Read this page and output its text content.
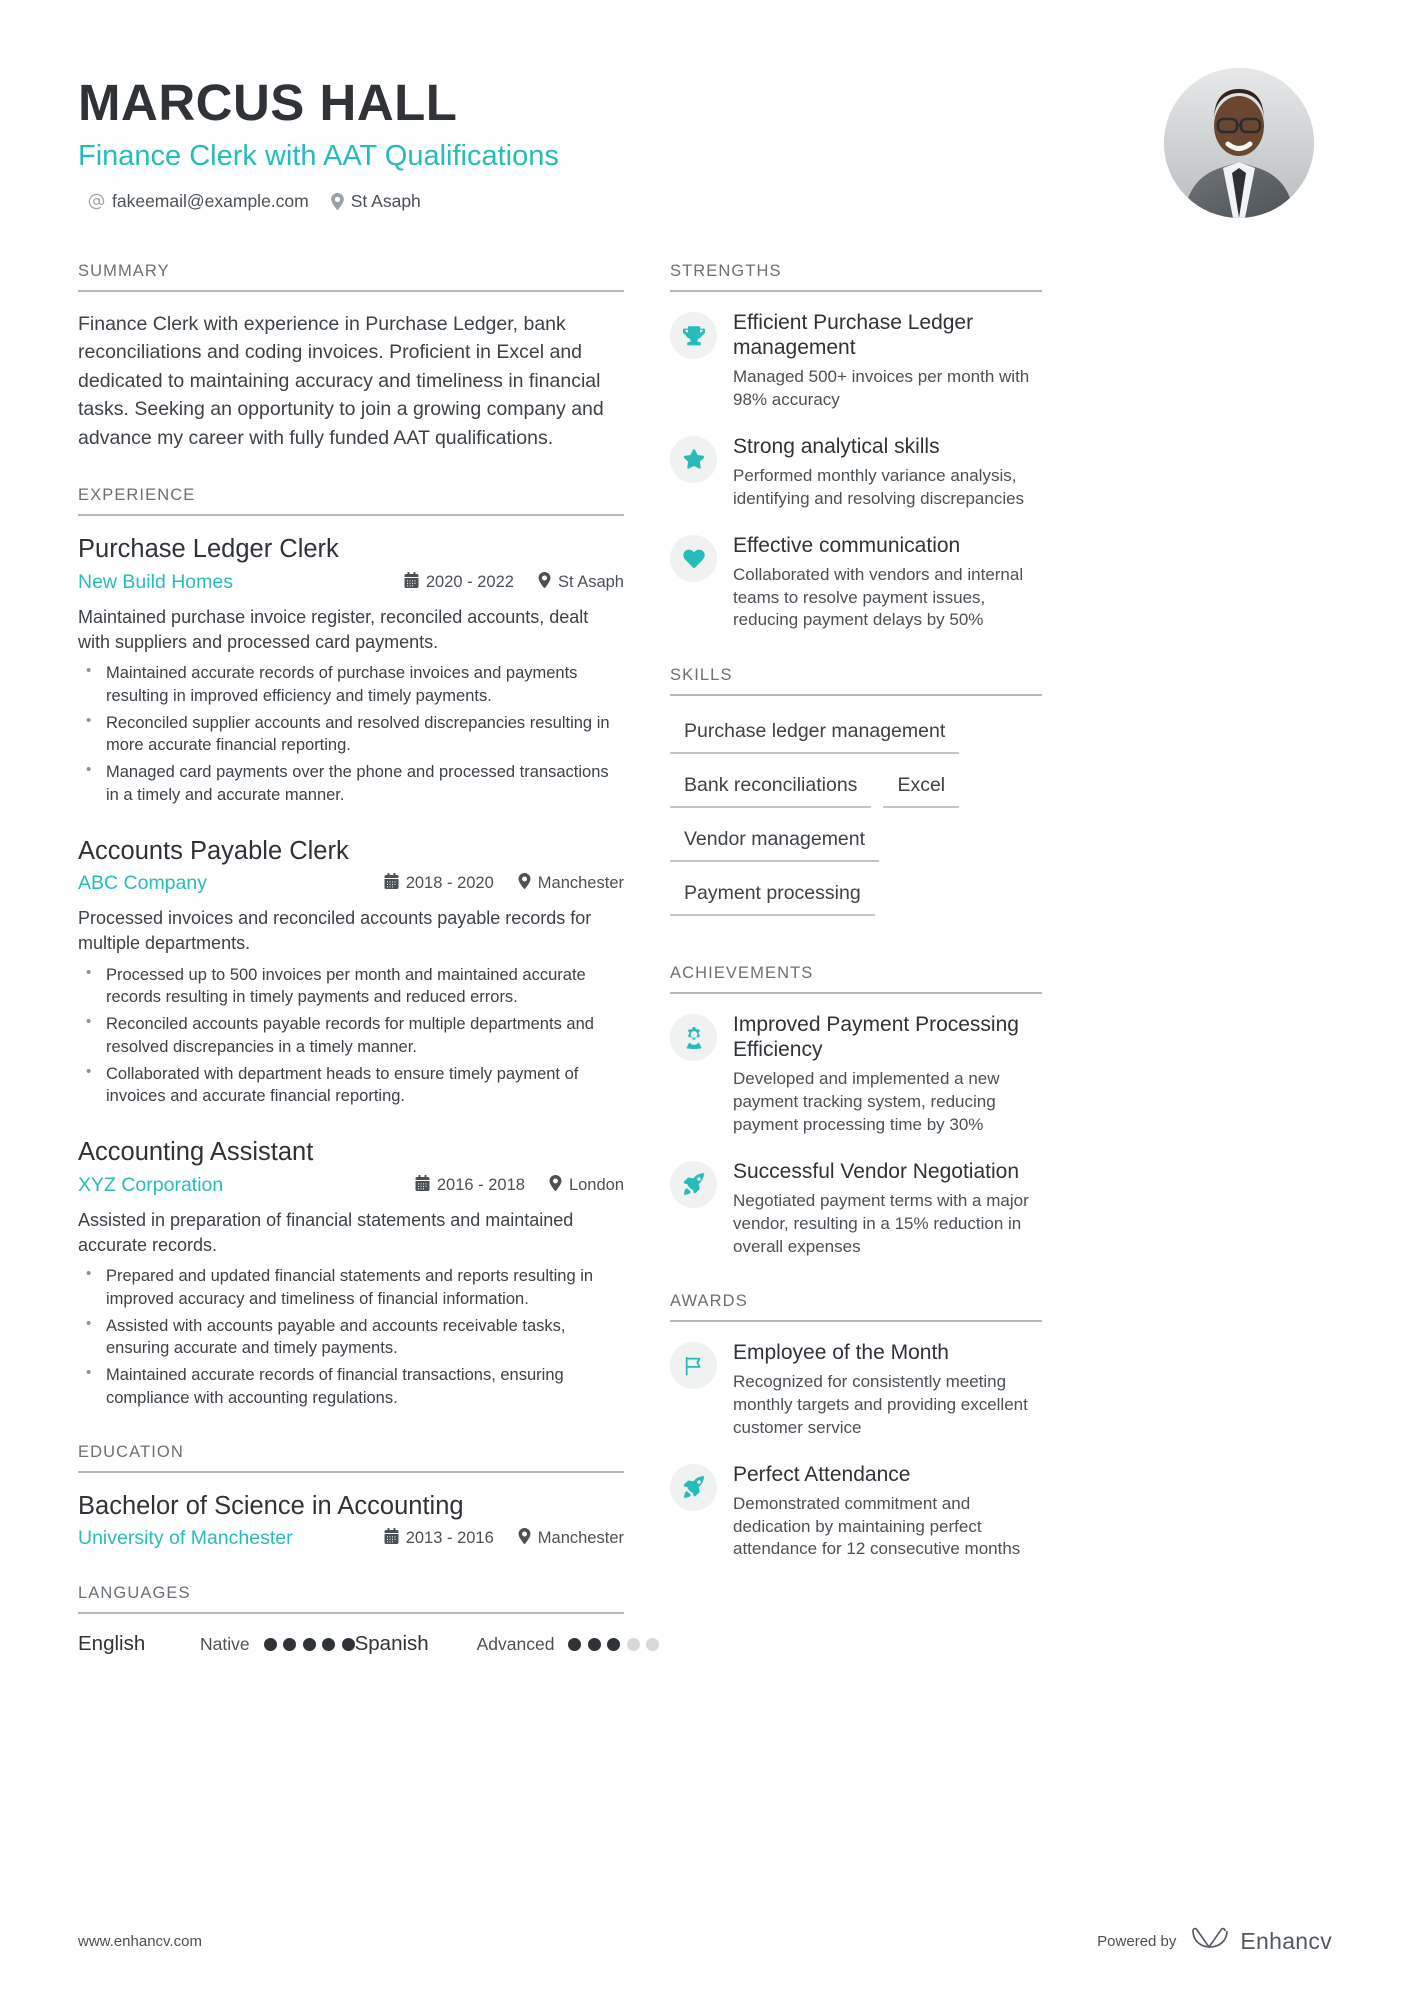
MARCUS HALL
Finance Clerk with AAT Qualifications
fakeemail@example.com St Asaph
SUMMARY
Finance Clerk with experience in Purchase Ledger, bank reconciliations and coding invoices. Proficient in Excel and dedicated to maintaining accuracy and timeliness in financial tasks. Seeking an opportunity to join a growing company and advance my career with fully funded AAT qualifications.
EXPERIENCE
Purchase Ledger Clerk
New Build Homes	2020 - 2022	St Asaph
Maintained purchase invoice register, reconciled accounts, dealt with suppliers and processed card payments.
• Maintained accurate records of purchase invoices and payments resulting in improved efficiency and timely payments.
• Reconciled supplier accounts and resolved discrepancies resulting in more accurate financial reporting.
• Managed card payments over the phone and processed transactions in a timely and accurate manner.
Accounts Payable Clerk
ABC Company	2018 - 2020	Manchester
Processed invoices and reconciled accounts payable records for multiple departments.
• Processed up to 500 invoices per month and maintained accurate records resulting in timely payments and reduced errors.
• Reconciled accounts payable records for multiple departments and resolved discrepancies in a timely manner.
• Collaborated with department heads to ensure timely payment of invoices and accurate financial reporting.
Accounting Assistant
XYZ Corporation	2016 - 2018	London
Assisted in preparation of financial statements and maintained accurate records.
• Prepared and updated financial statements and reports resulting in improved accuracy and timeliness of financial information.
• Assisted with accounts payable and accounts receivable tasks, ensuring accurate and timely payments.
• Maintained accurate records of financial transactions, ensuring compliance with accounting regulations.
EDUCATION
Bachelor of Science in Accounting
University of Manchester	2013 - 2016	Manchester
LANGUAGES
English	Native	Spanish	Advanced
STRENGTHS
Efficient Purchase Ledger management
Managed 500+ invoices per month with 98% accuracy
Strong analytical skills
Performed monthly variance analysis, identifying and resolving discrepancies
Effective communication
Collaborated with vendors and internal teams to resolve payment issues, reducing payment delays by 50%
SKILLS
Purchase ledger management
Bank reconciliations	Excel
Vendor management
Payment processing
ACHIEVEMENTS
Improved Payment Processing Efficiency
Developed and implemented a new payment tracking system, reducing payment processing time by 30%
Successful Vendor Negotiation
Negotiated payment terms with a major vendor, resulting in a 15% reduction in overall expenses
AWARDS
Employee of the Month
Recognized for consistently meeting monthly targets and providing excellent customer service
Perfect Attendance
Demonstrated commitment and dedication by maintaining perfect attendance for 12 consecutive months
www.enhancv.com	Powered by	Enhancv
